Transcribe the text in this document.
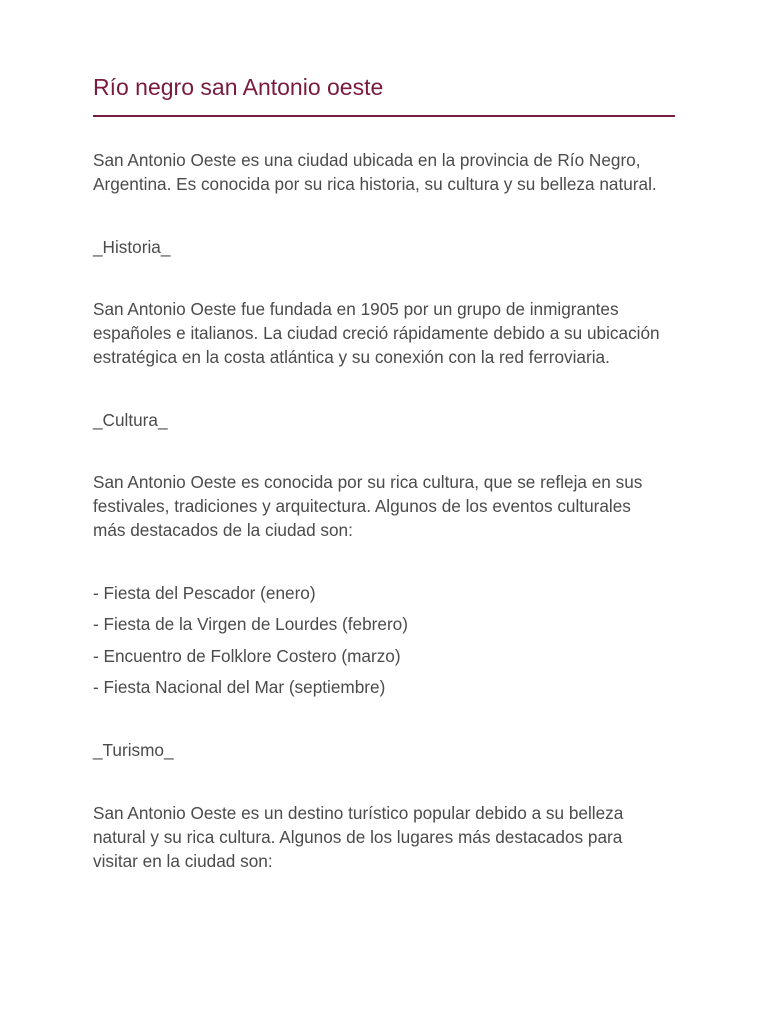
Río negro san Antonio oeste

San Antonio Oeste es una ciudad ubicada en la provincia de Río Negro,

Argentina. Es conocida por su rica historia, su cultura y su belleza natural.

_Historia_

San Antonio Oeste fue fundada en 1905 por un grupo de inmigrantes

españoles e italianos. La ciudad creció rápidamente debido a su ubicación

estratégica en la costa atlántica y su conexión con la red ferroviaria.

_Cultura_

San Antonio Oeste es conocida por su rica cultura, que se refleja en sus

festivales, tradiciones y arquitectura. Algunos de los eventos culturales

más destacados de la ciudad son:

- Fiesta del Pescador (enero)

- Fiesta de la Virgen de Lourdes (febrero)

- Encuentro de Folklore Costero (marzo)

- Fiesta Nacional del Mar (septiembre)

_Turismo_

San Antonio Oeste es un destino turístico popular debido a su belleza

natural y su rica cultura. Algunos de los lugares más destacados para

visitar en la ciudad son:
